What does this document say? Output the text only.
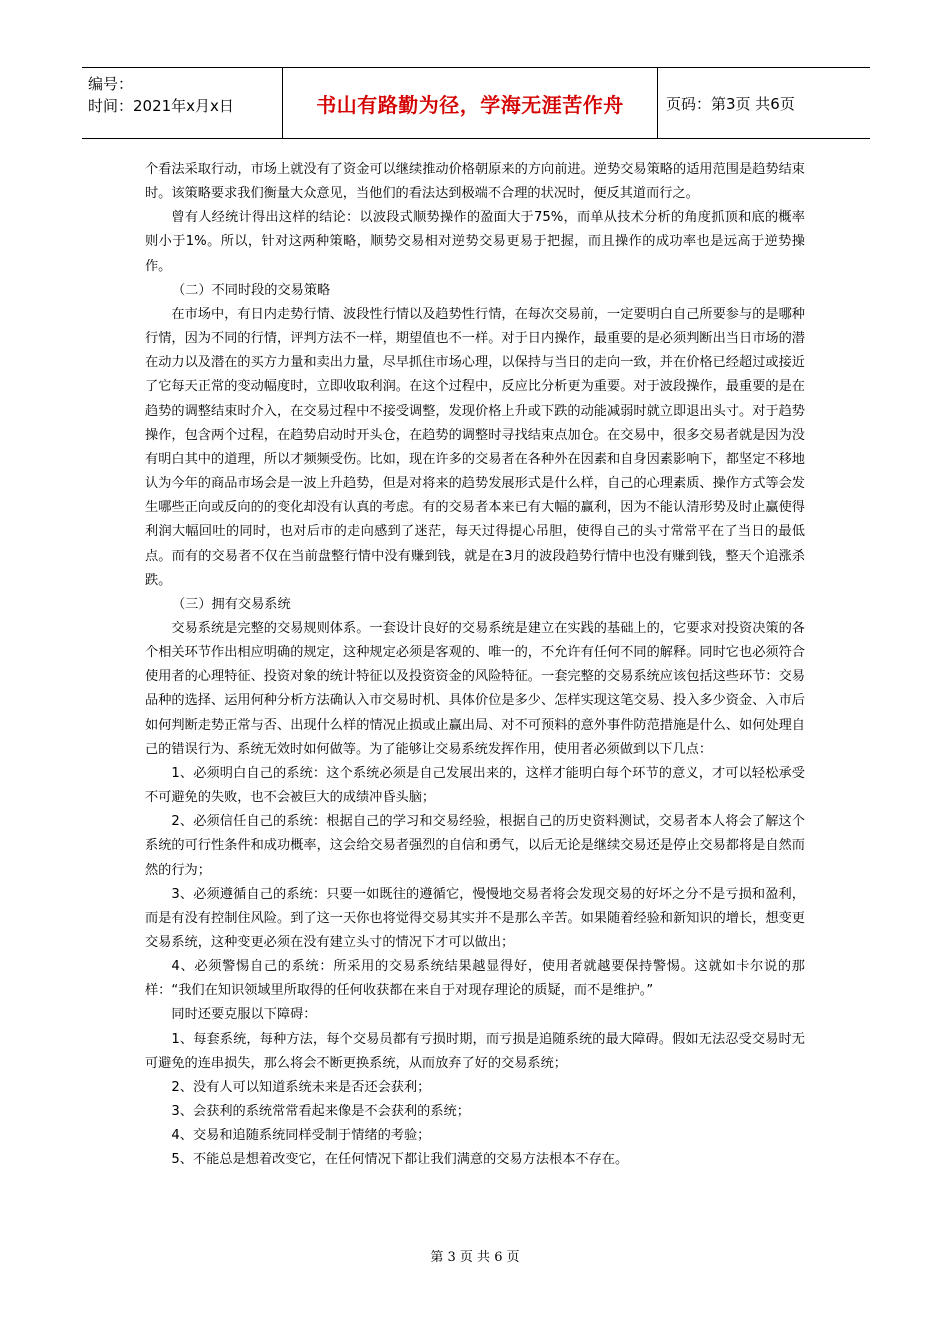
编号：
时间：2021年x月x日	书山有路勤为径，学海无涯苦作舟	页码：第3页 共6页

个看法采取行动，市场上就没有了资金可以继续推动价格朝原来的方向前进。逆势交易策略的适用范围是趋势结束时。该策略要求我们衡量大众意见，当他们的看法达到极端不合理的状况时，便反其道而行之。

曾有人经统计得出这样的结论：以波段式顺势操作的盈面大于75%，而单从技术分析的角度抓顶和底的概率则小于1%。所以，针对这两种策略，顺势交易相对逆势交易更易于把握，而且操作的成功率也是远高于逆势操作。

（二）不同时段的交易策略

在市场中，有日内走势行情、波段性行情以及趋势性行情，在每次交易前，一定要明白自己所要参与的是哪种行情，因为不同的行情，评判方法不一样，期望值也不一样。对于日内操作，最重要的是必须判断出当日市场的潜在动力以及潜在的买方力量和卖出力量，尽早抓住市场心理，以保持与当日的走向一致，并在价格已经超过或接近了它每天正常的变动幅度时，立即收取利润。在这个过程中，反应比分析更为重要。对于波段操作，最重要的是在趋势的调整结束时介入，在交易过程中不接受调整，发现价格上升或下跌的动能减弱时就立即退出头寸。对于趋势操作，包含两个过程，在趋势启动时开头仓，在趋势的调整时寻找结束点加仓。在交易中，很多交易者就是因为没有明白其中的道理，所以才频频受伤。比如，现在许多的交易者在各种外在因素和自身因素影响下，都坚定不移地认为今年的商品市场会是一波上升趋势，但是对将来的趋势发展形式是什么样，自己的心理素质、操作方式等会发生哪些正向或反向的的变化却没有认真的考虑。有的交易者本来已有大幅的赢利，因为不能认清形势及时止赢使得利润大幅回吐的同时，也对后市的走向感到了迷茫，每天过得提心吊胆，使得自己的头寸常常平在了当日的最低点。而有的交易者不仅在当前盘整行情中没有赚到钱，就是在3月的波段趋势行情中也没有赚到钱，整天个追涨杀跌。

（三）拥有交易系统

交易系统是完整的交易规则体系。一套设计良好的交易系统是建立在实践的基础上的，它要求对投资决策的各个相关环节作出相应明确的规定，这种规定必须是客观的、唯一的，不允许有任何不同的解释。同时它也必须符合使用者的心理特征、投资对象的统计特征以及投资资金的风险特征。一套完整的交易系统应该包括这些环节：交易品种的选择、运用何种分析方法确认入市交易时机、具体价位是多少、怎样实现这笔交易、投入多少资金、入市后如何判断走势正常与否、出现什么样的情况止损或止赢出局、对不可预料的意外事件防范措施是什么、如何处理自己的错误行为、系统无效时如何做等。为了能够让交易系统发挥作用，使用者必须做到以下几点：

1、必须明白自己的系统：这个系统必须是自己发展出来的，这样才能明白每个环节的意义，才可以轻松承受不可避免的失败，也不会被巨大的成绩冲昏头脑；

2、必须信任自己的系统：根据自己的学习和交易经验，根据自己的历史资料测试，交易者本人将会了解这个系统的可行性条件和成功概率，这会给交易者强烈的自信和勇气，以后无论是继续交易还是停止交易都将是自然而然的行为；

3、必须遵循自己的系统：只要一如既往的遵循它，慢慢地交易者将会发现交易的好坏之分不是亏损和盈利，而是有没有控制住风险。到了这一天你也将觉得交易其实并不是那么辛苦。如果随着经验和新知识的增长，想变更交易系统，这种变更必须在没有建立头寸的情况下才可以做出；

4、必须警惕自己的系统：所采用的交易系统结果越显得好，使用者就越要保持警惕。这就如卡尔说的那样：“我们在知识领域里所取得的任何收获都在来自于对现存理论的质疑，而不是维护。”

同时还要克服以下障碍：

1、每套系统，每种方法，每个交易员都有亏损时期，而亏损是追随系统的最大障碍。假如无法忍受交易时无可避免的连串损失，那么将会不断更换系统，从而放弃了好的交易系统；

2、没有人可以知道系统未来是否还会获利；

3、会获利的系统常常看起来像是不会获利的系统；

4、交易和追随系统同样受制于情绪的考验；

5、不能总是想着改变它，在任何情况下都让我们满意的交易方法根本不存在。

第 3 页 共 6 页
